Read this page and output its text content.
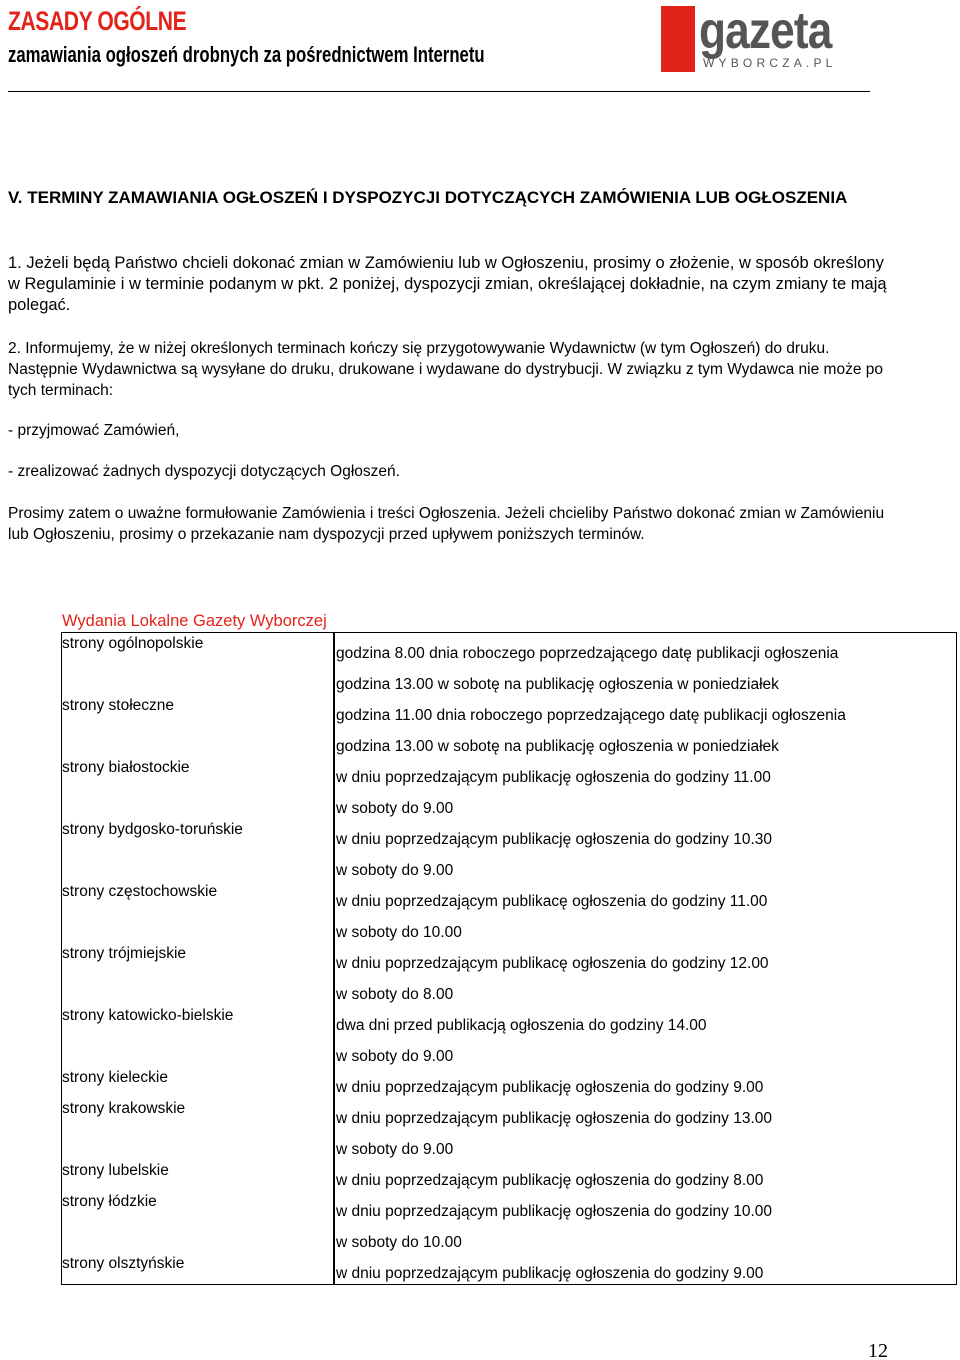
ZASADY OGÓLNE
zamawiania ogłoszeń drobnych za pośrednictwem Internetu	gazeta
WYBORCZA.PL
V. TERMINY ZAMAWIANIA OGŁOSZEŃ I DYSPOZYCJI DOTYCZĄCYCH ZAMÓWIENIA LUB OGŁOSZENIA
1. Jeżeli będą Państwo chcieli dokonać zmian w Zamówieniu lub w Ogłoszeniu, prosimy o złożenie, w sposób określony w Regulaminie i w terminie podanym w pkt. 2 poniżej, dyspozycji zmian, określającej dokładnie, na czym zmiany te mają polegać.
2. Informujemy, że w niżej określonych terminach kończy się przygotowywanie Wydawnictw (w tym Ogłoszeń) do druku. Następnie Wydawnictwa są wysyłane do druku, drukowane i wydawane do dystrybucji. W związku z tym Wydawca nie może po tych terminach:
- przyjmować Zamówień,
- zrealizować żadnych dyspozycji dotyczących Ogłoszeń.
Prosimy zatem o uważne formułowanie Zamówienia i treści Ogłoszenia. Jeżeli chcieliby Państwo dokonać zmian w Zamówieniu lub Ogłoszeniu, prosimy o przekazanie nam dyspozycji przed upływem poniższych terminów.
Wydania Lokalne Gazety Wyborczej
strony ogólnopolskie
strony stołeczne
strony białostockie
strony bydgosko-toruńskie
strony częstochowskie
strony trójmiejskie
strony katowicko-bielskie
strony kieleckie
strony krakowskie
strony lubelskie
strony łódzkie
strony olsztyńskie
godzina 8.00 dnia roboczego poprzedzającego datę publikacji ogłoszenia
godzina 13.00 w sobotę na publikację ogłoszenia w poniedziałek
godzina 11.00 dnia roboczego poprzedzającego datę publikacji ogłoszenia
godzina 13.00 w sobotę na publikację ogłoszenia w poniedziałek
w dniu poprzedzającym publikację ogłoszenia do godziny 11.00
w soboty do 9.00
w dniu poprzedzającym publikację ogłoszenia do godziny 10.30
w soboty do 9.00
w dniu poprzedzającym publikacę ogłoszenia do godziny 11.00
w soboty do 10.00
w dniu poprzedzającym publikacę ogłoszenia do godziny 12.00
w soboty do 8.00
dwa dni przed publikacją ogłoszenia do godziny 14.00
w soboty do 9.00
w dniu poprzedzającym publikację ogłoszenia do godziny 9.00
w dniu poprzedzającym publikację ogłoszenia do godziny 13.00
w soboty do 9.00
w dniu poprzedzającym publikację ogłoszenia do godziny 8.00
w dniu poprzedzającym publikację ogłoszenia do godziny 10.00
w soboty do 10.00
w dniu poprzedzającym publikację ogłoszenia do godziny 9.00
12
